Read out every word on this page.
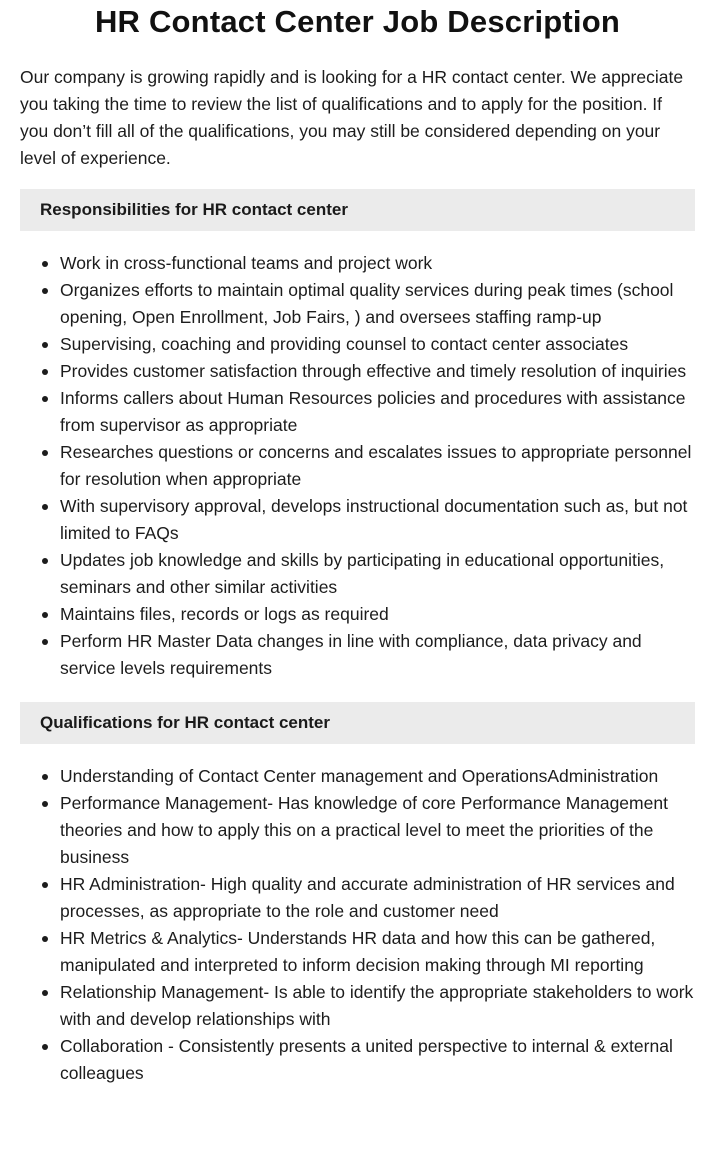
HR Contact Center Job Description

Our company is growing rapidly and is looking for a HR contact center. We appreciate you taking the time to review the list of qualifications and to apply for the position. If you don’t fill all of the qualifications, you may still be considered depending on your level of experience.

Responsibilities for HR contact center
Work in cross-functional teams and project work
Organizes efforts to maintain optimal quality services during peak times (school opening, Open Enrollment, Job Fairs, ) and oversees staffing ramp-up
Supervising, coaching and providing counsel to contact center associates
Provides customer satisfaction through effective and timely resolution of inquiries
Informs callers about Human Resources policies and procedures with assistance from supervisor as appropriate
Researches questions or concerns and escalates issues to appropriate personnel for resolution when appropriate
With supervisory approval, develops instructional documentation such as, but not limited to FAQs
Updates job knowledge and skills by participating in educational opportunities, seminars and other similar activities
Maintains files, records or logs as required
Perform HR Master Data changes in line with compliance, data privacy and service levels requirements
Qualifications for HR contact center
Understanding of Contact Center management and OperationsAdministration
Performance Management- Has knowledge of core Performance Management theories and how to apply this on a practical level to meet the priorities of the business
HR Administration- High quality and accurate administration of HR services and processes, as appropriate to the role and customer need
HR Metrics & Analytics- Understands HR data and how this can be gathered, manipulated and interpreted to inform decision making through MI reporting
Relationship Management- Is able to identify the appropriate stakeholders to work with and develop relationships with
Collaboration - Consistently presents a united perspective to internal & external colleagues
